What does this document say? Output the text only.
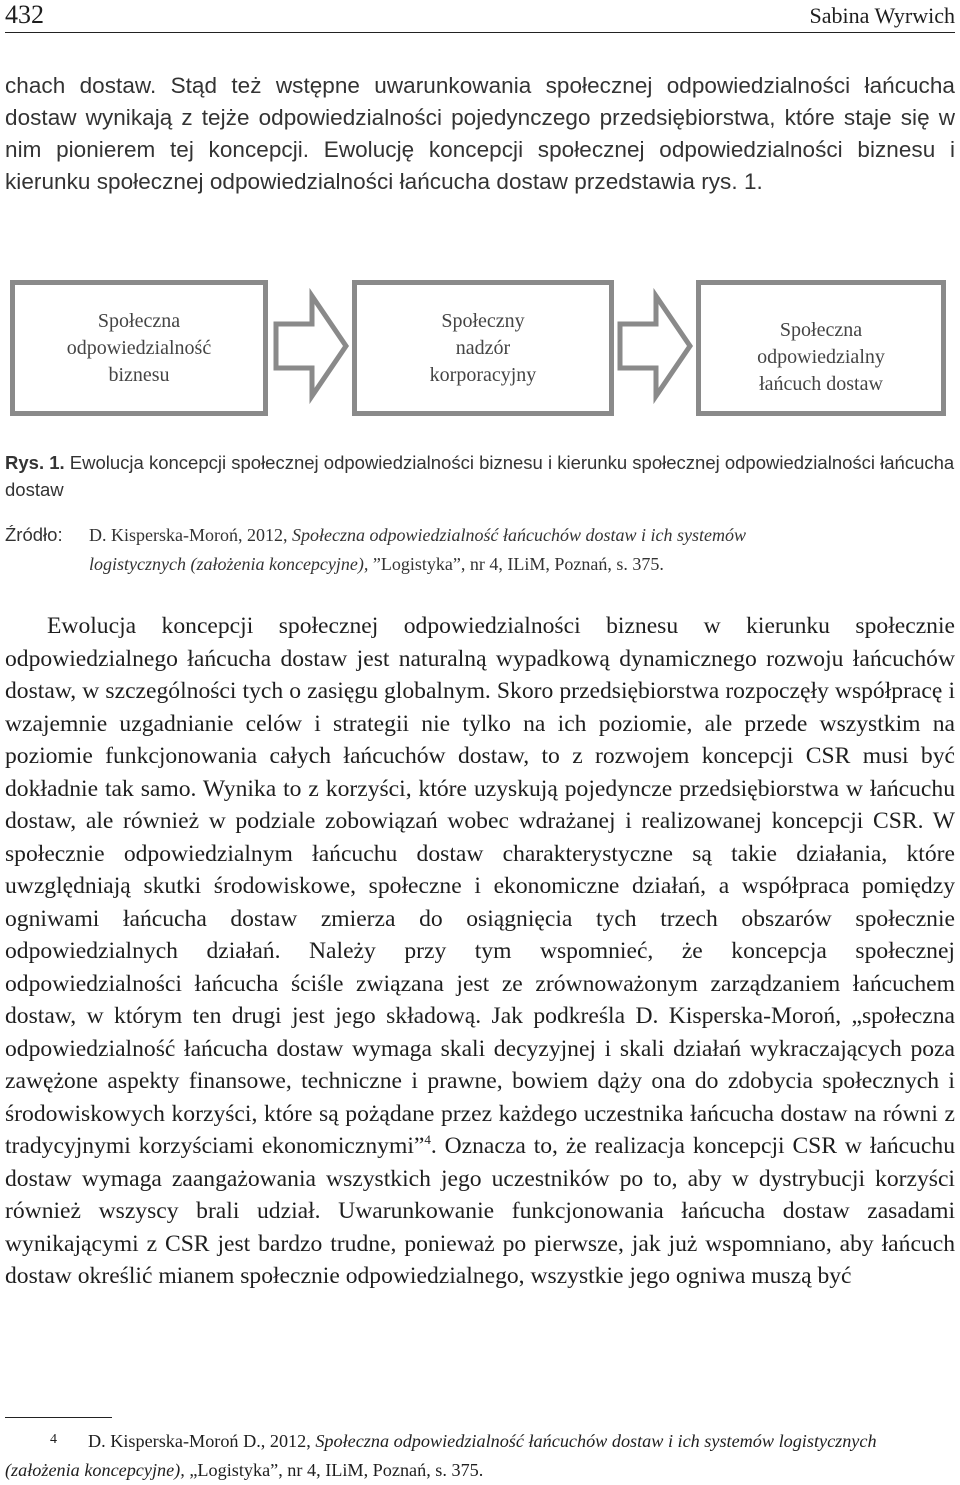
432	Sabina Wyrwich

chach dostaw. Stąd też wstępne uwarunkowania społecznej odpowiedzialności łańcucha dostaw wynikają z tejże odpowiedzialności pojedynczego przedsiębiorstwa, które staje się w nim pionierem tej koncepcji. Ewolucję koncepcji społecznej odpowiedzialności biznesu i kierunku społecznej odpowiedzialności łańcucha dostaw przedstawia rys. 1.

Społeczna
odpowiedzialność
biznesu
Społeczny
nadzór
korporacyjny
Społeczna
odpowiedzialny
łańcuch dostaw

Rys. 1. Ewolucja koncepcji społecznej odpowiedzialności biznesu i kierunku społecznej odpowiedzialności łańcucha dostaw

Źródło: D. Kisperska-Moroń, 2012, Społeczna odpowiedzialność łańcuchów dostaw i ich systemów
logistycznych (założenia koncepcyjne), ”Logistyka”, nr 4, ILiM, Poznań, s. 375.

Ewolucja koncepcji społecznej odpowiedzialności biznesu w kierunku społecznie odpowiedzialnego łańcucha dostaw jest naturalną wypadkową dynamicznego rozwoju łańcuchów dostaw, w szczególności tych o zasięgu globalnym. Skoro przedsiębiorstwa rozpoczęły współpracę i wzajemnie uzgadnianie celów i strategii nie tylko na ich poziomie, ale przede wszystkim na poziomie funkcjonowania całych łańcuchów dostaw, to z rozwojem koncepcji CSR musi być dokładnie tak samo. Wynika to z korzyści, które uzyskują pojedyncze przedsiębiorstwa w łańcuchu dostaw, ale również w podziale zobowiązań wobec wdrażanej i realizowanej koncepcji CSR. W społecznie odpowiedzialnym łańcuchu dostaw charakterystyczne są takie działania, które uwzględniają skutki środowiskowe, społeczne i ekonomiczne działań, a współpraca pomiędzy ogniwami łańcucha dostaw zmierza do osiągnięcia tych trzech obszarów społecznie odpowiedzialnych działań. Należy przy tym wspomnieć, że koncepcja społecznej odpowiedzialności łańcucha ściśle związana jest ze zrównoważonym zarządzaniem łańcuchem dostaw, w którym ten drugi jest jego składową. Jak podkreśla D. Kisperska-Moroń, „społeczna odpowiedzialność łańcucha dostaw wymaga skali decyzyjnej i skali działań wykraczających poza zawężone aspekty finansowe, techniczne i prawne, bowiem dąży ona do zdobycia społecznych i środowiskowych korzyści, które są pożądane przez każdego uczestnika łańcucha dostaw na równi z tradycyjnymi korzyściami ekonomicznymi”$^4$. Oznacza to, że realizacja koncepcji CSR w łańcuchu dostaw wymaga zaangażowania wszystkich jego uczestników po to, aby w dystrybucji korzyści również wszyscy brali udział. Uwarunkowanie funkcjonowania łańcucha dostaw zasadami wynikającymi z CSR jest bardzo trudne, ponieważ po pierwsze, jak już wspomniano, aby łańcuch dostaw określić mianem społecznie odpowiedzialnego, wszystkie jego ogniwa muszą być

4 D. Kisperska-Moroń D., 2012, Społeczna odpowiedzialność łańcuchów dostaw i ich systemów logistycznych (założenia koncepcyjne), „Logistyka”, nr 4, ILiM, Poznań, s. 375.
